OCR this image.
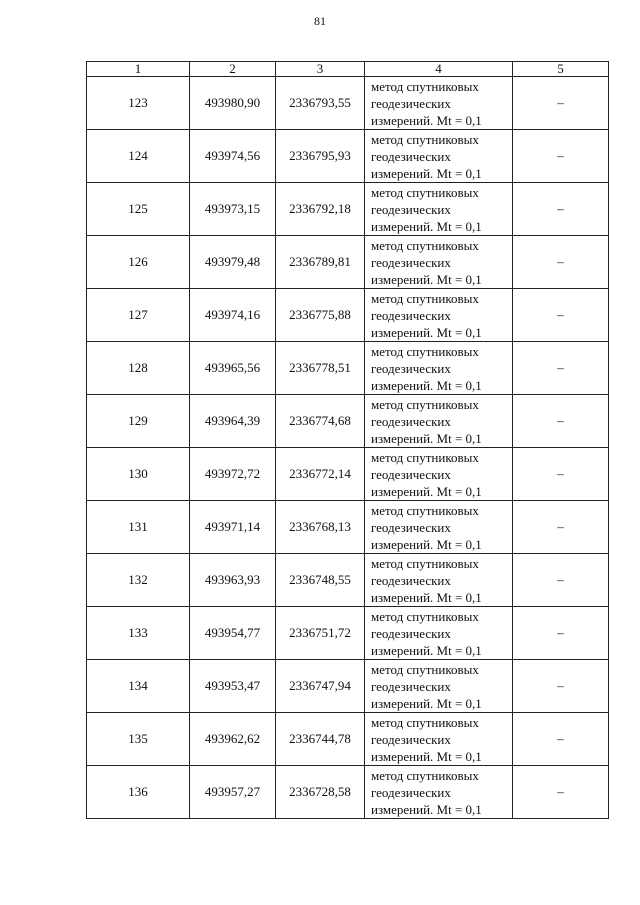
81
1	2	3	4	5
123	493980,90	2336793,55	метод спутниковых
геодезических
измерений. Mt = 0,1	–
124	493974,56	2336795,93	метод спутниковых
геодезических
измерений. Mt = 0,1	–
125	493973,15	2336792,18	метод спутниковых
геодезических
измерений. Mt = 0,1	–
126	493979,48	2336789,81	метод спутниковых
геодезических
измерений. Mt = 0,1	–
127	493974,16	2336775,88	метод спутниковых
геодезических
измерений. Mt = 0,1	–
128	493965,56	2336778,51	метод спутниковых
геодезических
измерений. Mt = 0,1	–
129	493964,39	2336774,68	метод спутниковых
геодезических
измерений. Mt = 0,1	–
130	493972,72	2336772,14	метод спутниковых
геодезических
измерений. Mt = 0,1	–
131	493971,14	2336768,13	метод спутниковых
геодезических
измерений. Mt = 0,1	–
132	493963,93	2336748,55	метод спутниковых
геодезических
измерений. Mt = 0,1	–
133	493954,77	2336751,72	метод спутниковых
геодезических
измерений. Mt = 0,1	–
134	493953,47	2336747,94	метод спутниковых
геодезических
измерений. Mt = 0,1	–
135	493962,62	2336744,78	метод спутниковых
геодезических
измерений. Mt = 0,1	–
136	493957,27	2336728,58	метод спутниковых
геодезических
измерений. Mt = 0,1	–
